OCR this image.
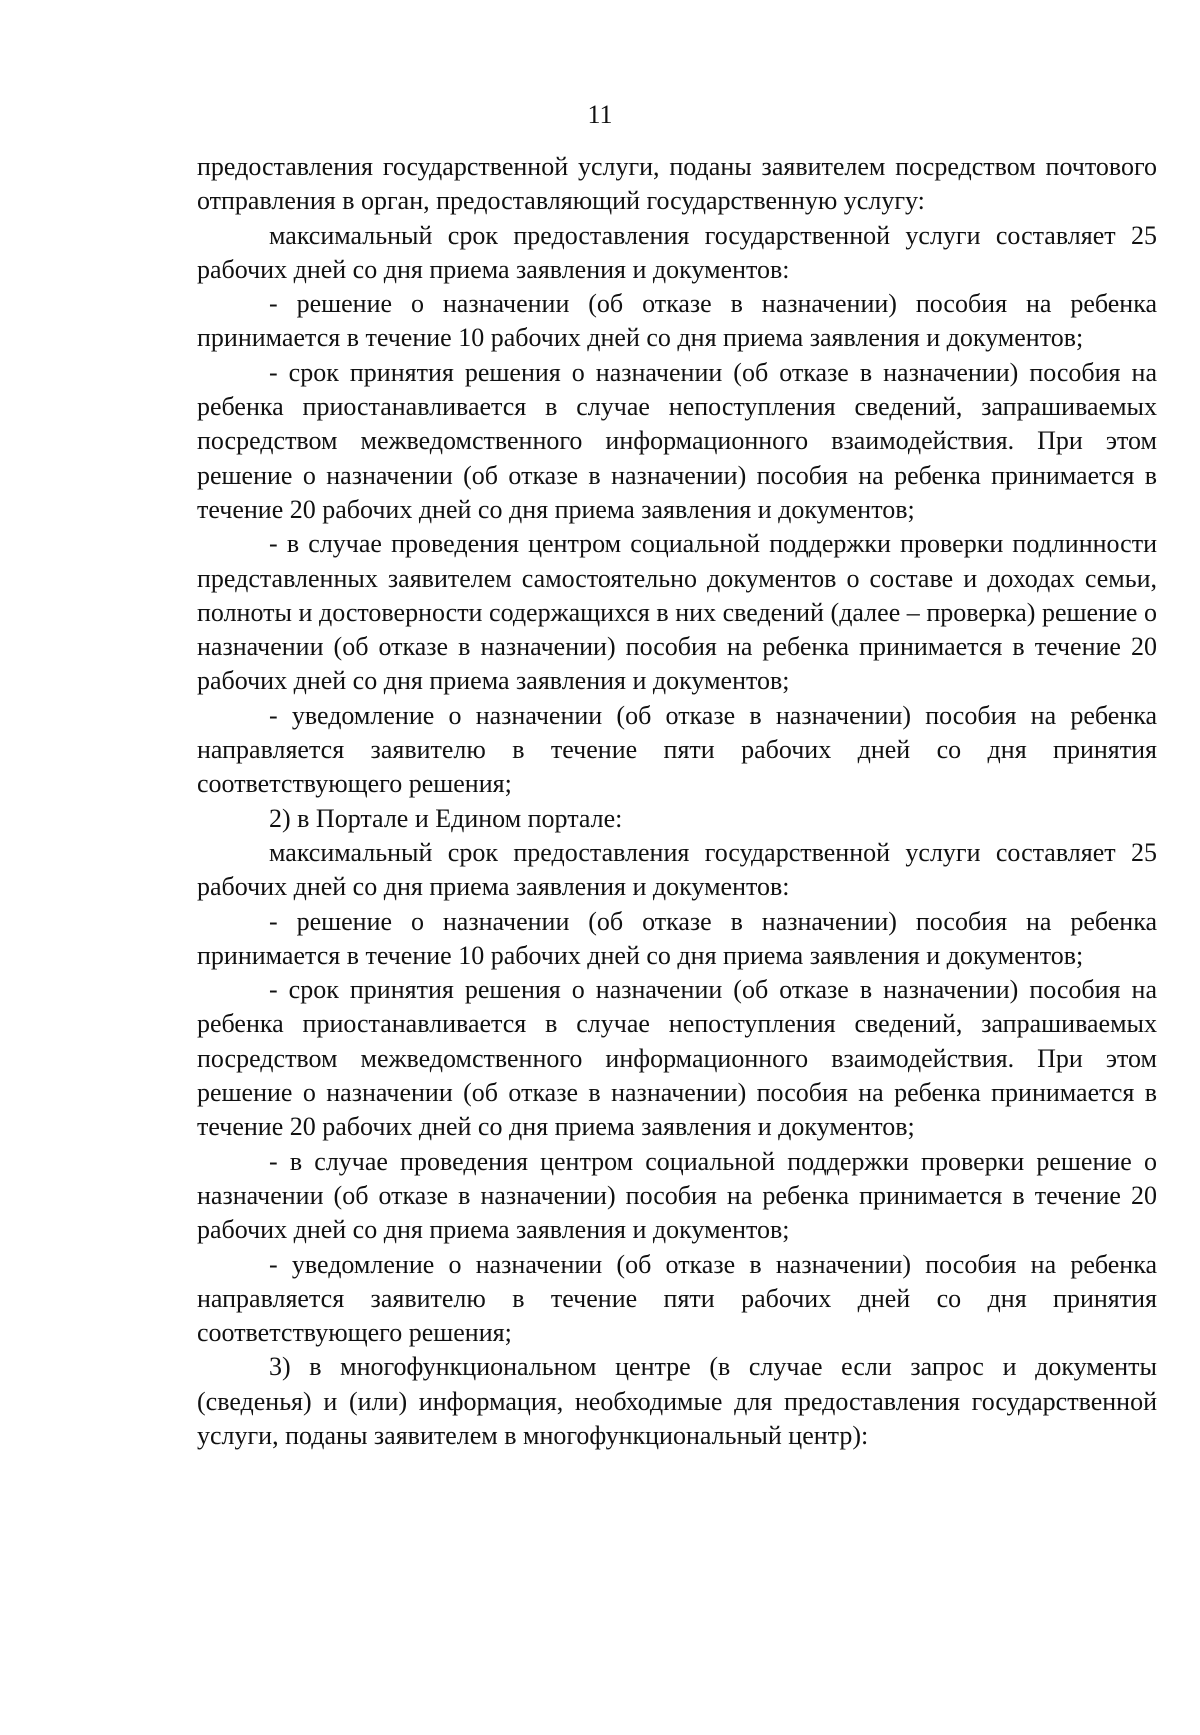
11

предоставления государственной услуги, поданы заявителем посредством почтового отправления в орган, предоставляющий государственную услугу:

максимальный срок предоставления государственной услуги составляет 25 рабочих дней со дня приема заявления и документов:

- решение о назначении (об отказе в назначении) пособия на ребенка принимается в течение 10 рабочих дней со дня приема заявления и документов;

- срок принятия решения о назначении (об отказе в назначении) пособия на ребенка приостанавливается в случае непоступления сведений, запрашиваемых посредством межведомственного информационного взаимодействия. При этом решение о назначении (об отказе в назначении) пособия на ребенка принимается в течение 20 рабочих дней со дня приема заявления и документов;

- в случае проведения центром социальной поддержки проверки подлинности представленных заявителем самостоятельно документов о составе и доходах семьи, полноты и достоверности содержащихся в них сведений (далее – проверка) решение о назначении (об отказе в назначении) пособия на ребенка принимается в течение 20 рабочих дней со дня приема заявления и документов;

- уведомление о назначении (об отказе в назначении) пособия на ребенка направляется заявителю в течение пяти рабочих дней со дня принятия соответствующего решения;

2) в Портале и Едином портале:

максимальный срок предоставления государственной услуги составляет 25 рабочих дней со дня приема заявления и документов:

- решение о назначении (об отказе в назначении) пособия на ребенка принимается в течение 10 рабочих дней со дня приема заявления и документов;

- срок принятия решения о назначении (об отказе в назначении) пособия на ребенка приостанавливается в случае непоступления сведений, запрашиваемых посредством межведомственного информационного взаимодействия. При этом решение о назначении (об отказе в назначении) пособия на ребенка принимается в течение 20 рабочих дней со дня приема заявления и документов;

- в случае проведения центром социальной поддержки проверки решение о назначении (об отказе в назначении) пособия на ребенка принимается в течение 20 рабочих дней со дня приема заявления и документов;

- уведомление о назначении (об отказе в назначении) пособия на ребенка направляется заявителю в течение пяти рабочих дней со дня принятия соответствующего решения;

3) в многофункциональном центре (в случае если запрос и документы (сведенья) и (или) информация, необходимые для предоставления государственной услуги, поданы заявителем в многофункциональный центр):
